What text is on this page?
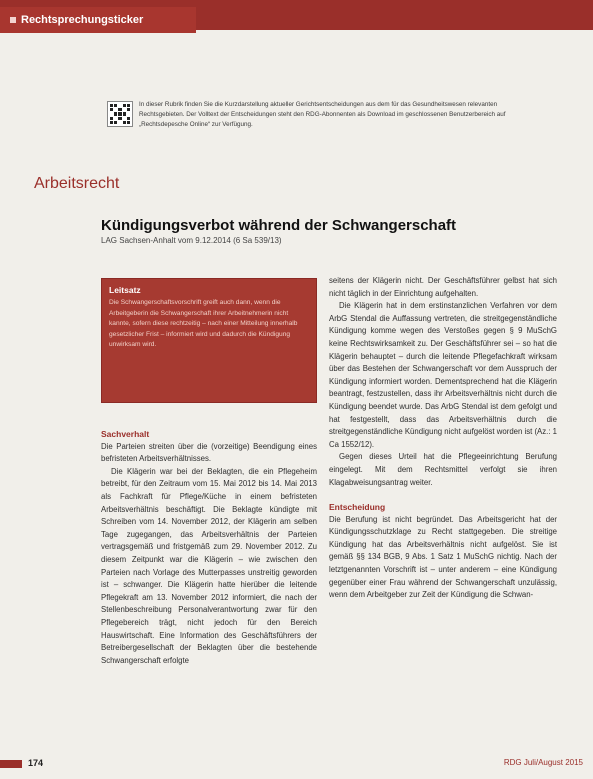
Rechtsprechungsticker

In dieser Rubrik finden Sie die Kurzdarstellung aktueller Gerichtsentscheidungen aus dem für das Gesundheitswesen relevanten Rechtsgebieten. Der Volltext der Entscheidungen steht den RDG-Abonnenten als Download im geschlossenen Benutzerbereich auf „Rechtsdepesche Online“ zur Verfügung.

Arbeitsrecht
Kündigungsverbot während der Schwangerschaft
LAG Sachsen-Anhalt vom 9.12.2014 (6 Sa 539/13)
Leitsatz

Die Schwangerschaftsvorschrift greift auch dann, wenn die Arbeitgeberin die Schwangerschaft ihrer Arbeitnehmerin nicht kannte, sofern diese rechtzeitig – nach einer Mitteilung innerhalb gesetzlicher Frist – informiert wird und dadurch die Kündigung unwirksam wird.

Sachverhalt

Die Parteien streiten über die (vorzeitige) Beendigung eines befristeten Arbeitsverhältnisses.

Die Klägerin war bei der Beklagten, die ein Pflegeheim betreibt, für den Zeitraum vom 15. Mai 2012 bis 14. Mai 2013 als Fachkraft für Pflege/Küche in einem befristeten Arbeitsverhältnis beschäftigt. Die Beklagte kündigte mit Schreiben vom 14. November 2012, der Klägerin am selben Tage zugegangen, das Arbeitsverhältnis der Parteien vertragsgemäß und fristgemäß zum 29. November 2012. Zu diesem Zeitpunkt war die Klägerin – wie zwischen den Parteien nach Vorlage des Mutterpasses unstreitig geworden ist – schwanger. Die Klägerin hatte hierüber die leitende Pflegekraft am 13. November 2012 informiert, die nach der Stellenbeschreibung Personalverantwortung zwar für den Pflegebereich trägt, nicht jedoch für den Bereich Hauswirtschaft. Eine Information des Geschäftsführers der Betreibergesellschaft der Beklagten über die bestehende Schwangerschaft erfolgte

seitens der Klägerin nicht. Der Geschäftsführer gelbst hat sich nicht täglich in der Einrichtung aufgehalten.

Die Klägerin hat in dem erstinstanzlichen Verfahren vor dem ArbG Stendal die Auffassung vertreten, die streitgegenständliche Kündigung komme wegen des Verstoßes gegen § 9 MuSchG keine Rechtswirksamkeit zu. Der Geschäftsführer sei – so hat die Klägerin behauptet – durch die leitende Pflegefachkraft wirksam über das Bestehen der Schwangerschaft vor dem Ausspruch der Kündigung informiert worden. Dementsprechend hat die Klägerin beantragt, festzustellen, dass ihr Arbeitsverhältnis nicht durch die Kündigung beendet wurde. Das ArbG Stendal ist dem gefolgt und hat festgestellt, dass das Arbeitsverhältnis durch die streitgegenständliche Kündigung nicht aufgelöst worden ist (Az.: 1 Ca 1552/12).

Gegen dieses Urteil hat die Pflegeeinrichtung Berufung eingelegt. Mit dem Rechtsmittel verfolgt sie ihren Klagabweisungsantrag weiter.

Entscheidung

Die Berufung ist nicht begründet. Das Arbeitsgericht hat der Kündigungsschutzklage zu Recht stattgegeben. Die streitige Kündigung hat das Arbeitsverhältnis nicht aufgelöst. Sie ist gemäß §§ 134 BGB, 9 Abs. 1 Satz 1 MuSchG nichtig. Nach der letztgenannten Vorschrift ist – unter anderem – eine Kündigung gegenüber einer Frau während der Schwangerschaft unzulässig, wenn dem Arbeitgeber zur Zeit der Kündigung die Schwan-

174	RDG Juli/August 2015
